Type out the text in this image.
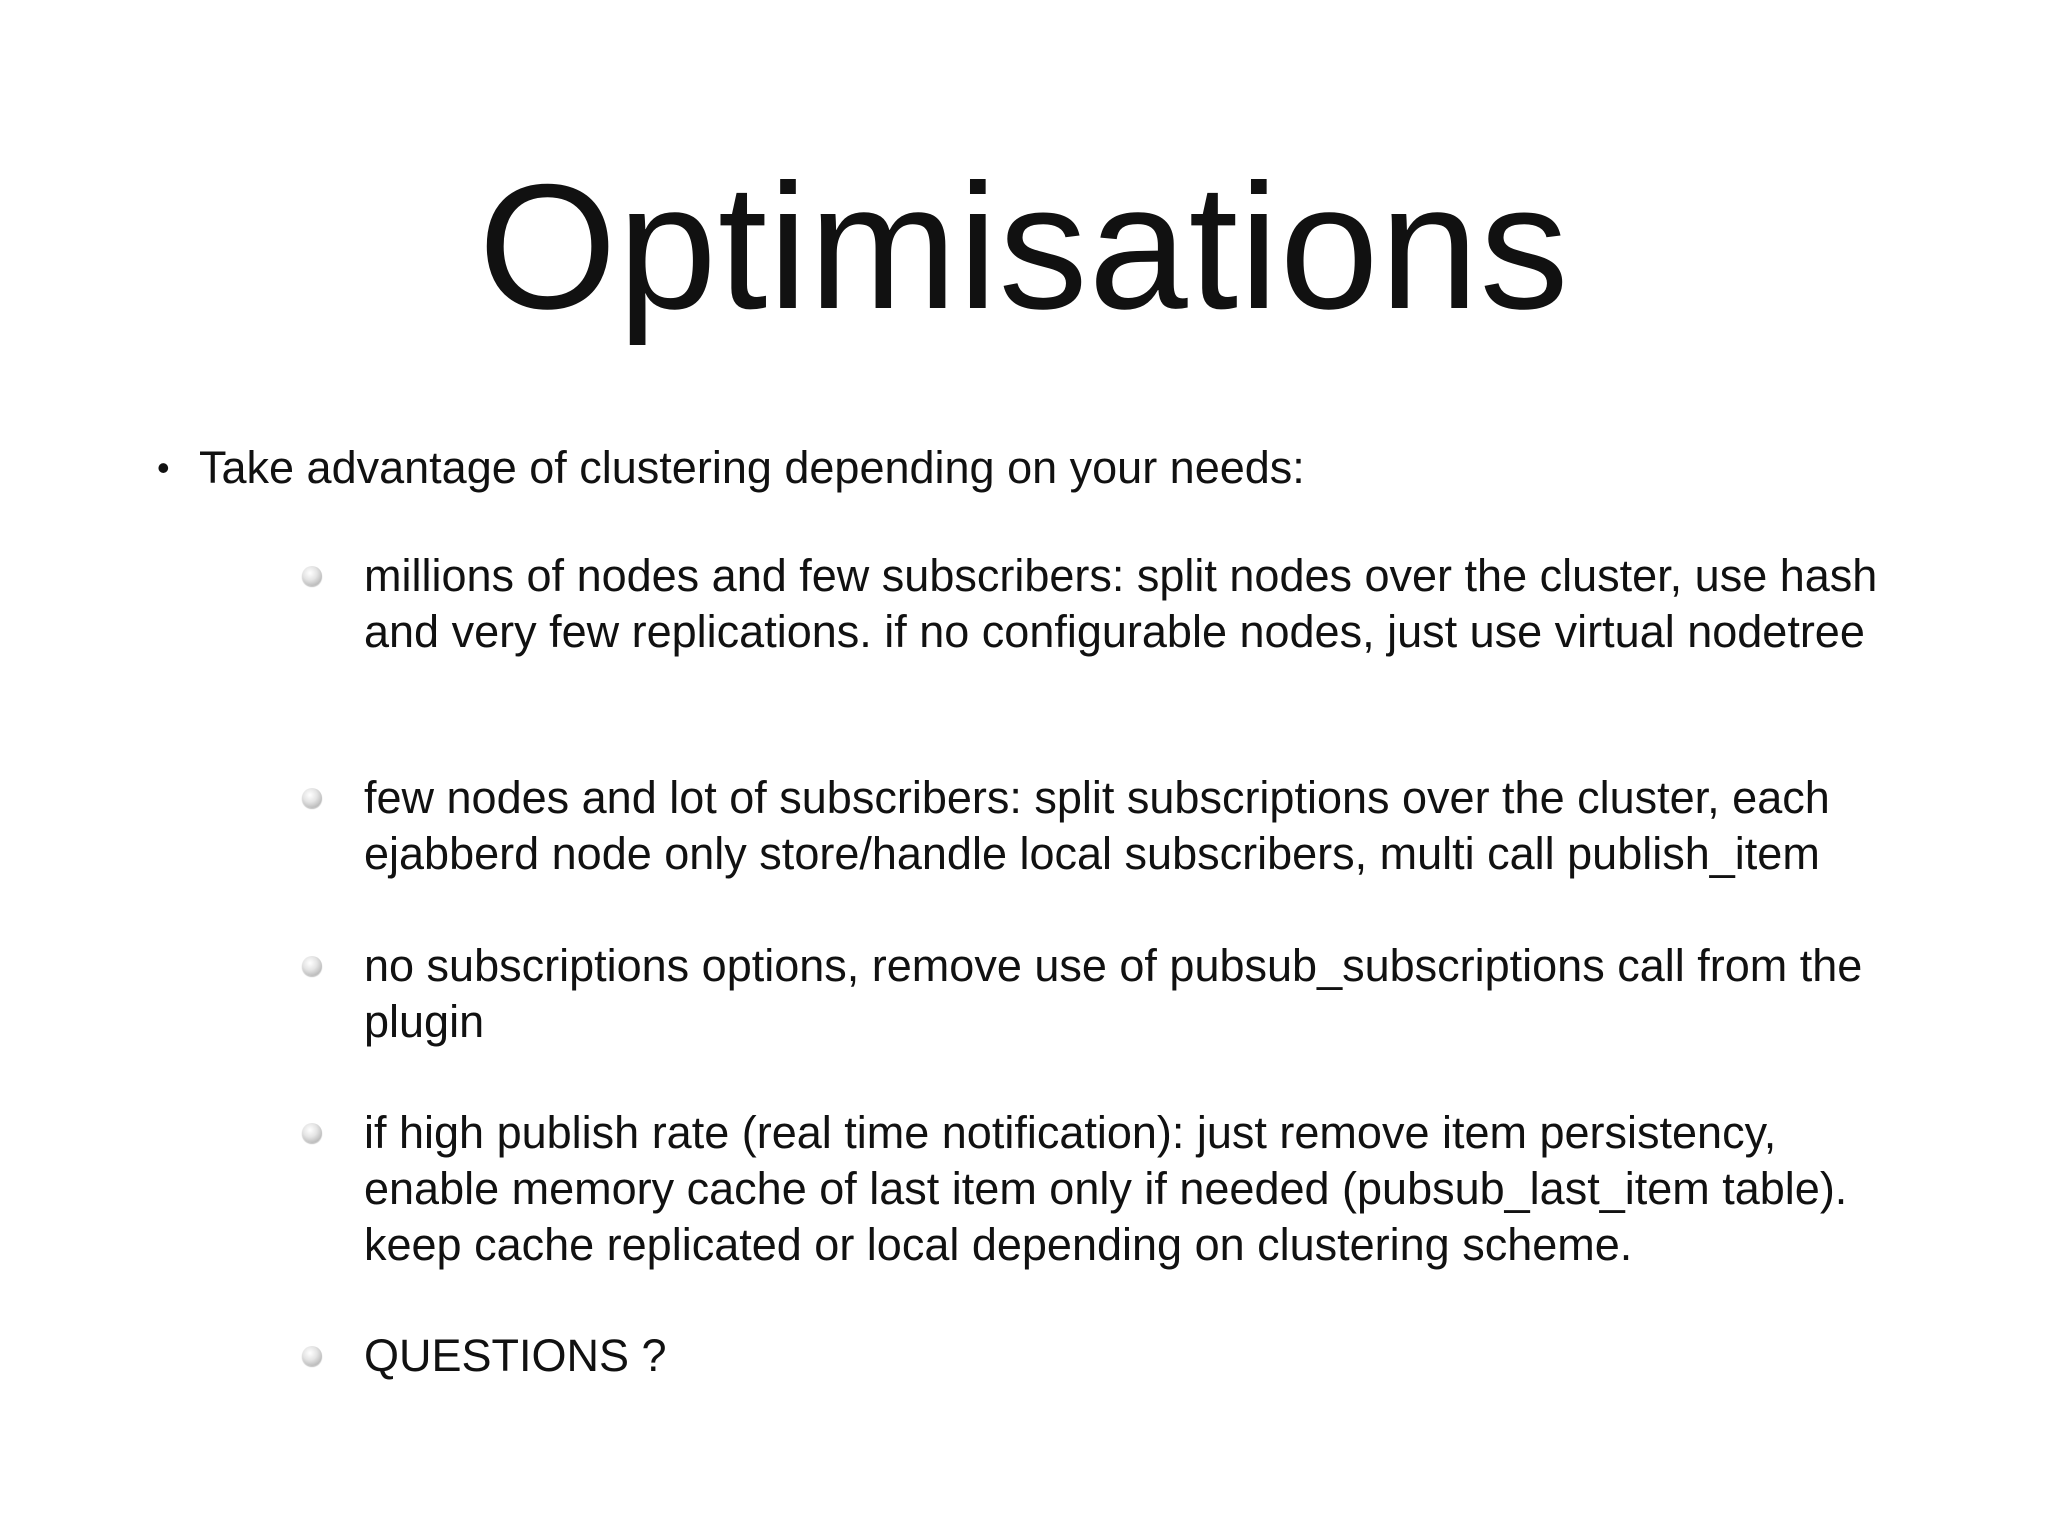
Optimisations
• Take advantage of clustering depending on your needs:
millions of nodes and few subscribers: split nodes over the cluster, use hash and very few replications. if no configurable nodes, just use virtual nodetree
few nodes and lot of subscribers: split subscriptions over the cluster, each ejabberd node only store/handle local subscribers, multi call publish_item
no subscriptions options, remove use of pubsub_subscriptions call from the plugin
if high publish rate (real time notification): just remove item persistency, enable memory cache of last item only if needed (pubsub_last_item table). keep cache replicated or local depending on clustering scheme.
QUESTIONS ?
